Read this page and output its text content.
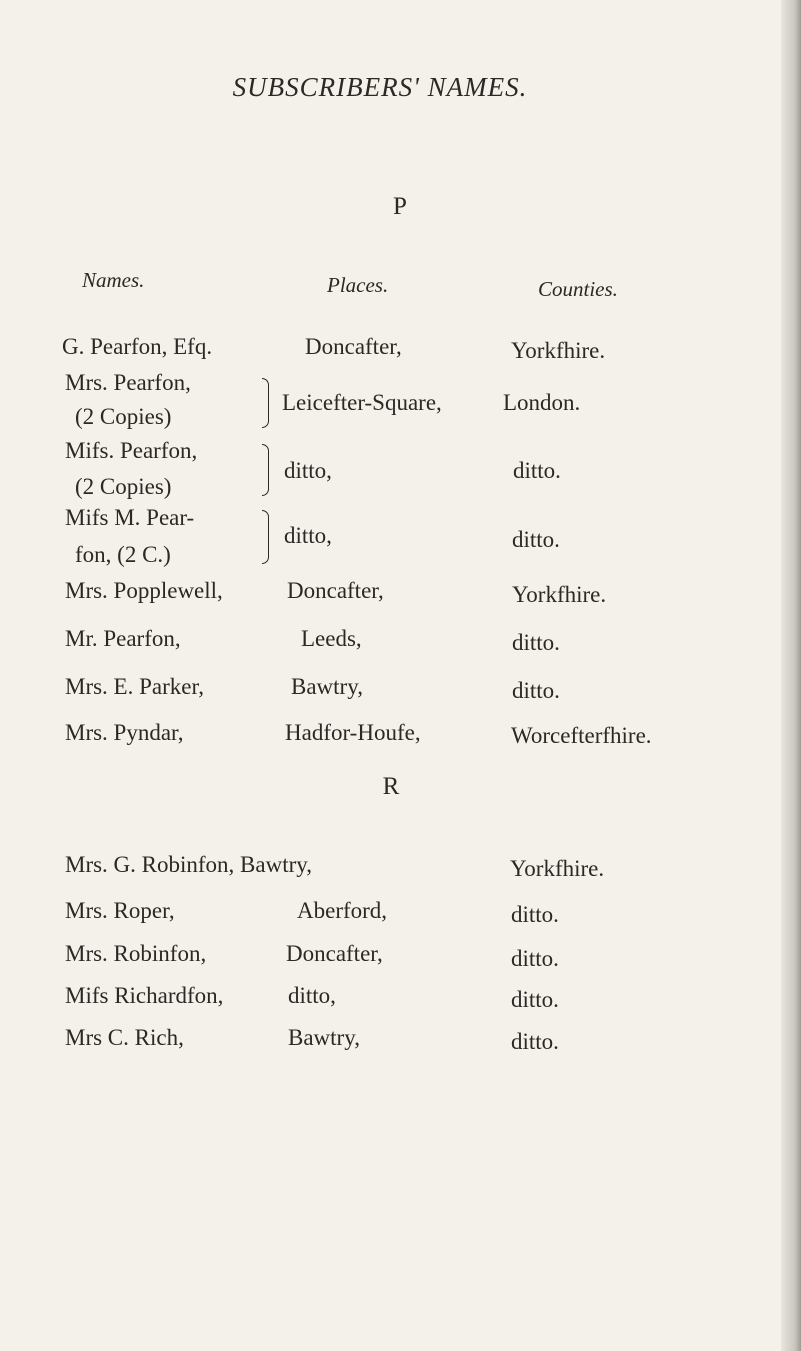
SUBSCRIBERS' NAMES.
P
Names.	Places.	Counties.
G. Pearfon, Efq.	Doncafter,	Yorkfhire.
Mrs. Pearfon,
(2 Copies)
Leicefter-Square,	London.
Mifs. Pearfon,
(2 Copies)
ditto,	ditto.
Mifs M. Pear-
fon, (2 C.)
ditto,	ditto.
Mrs. Popplewell,	Doncafter,	Yorkfhire.
Mr. Pearfon,	Leeds,	ditto.
Mrs. E. Parker,	Bawtry,	ditto.
Mrs. Pyndar,	Hadfor-Houfe,	Worcefterfhire.
R
Mrs. G. Robinfon, Bawtry,	Yorkfhire.
Mrs. Roper,	Aberford,	ditto.
Mrs. Robinfon,	Doncafter,	ditto.
Mifs Richardfon,	ditto,	ditto.
Mrs C. Rich,	Bawtry,	ditto.
